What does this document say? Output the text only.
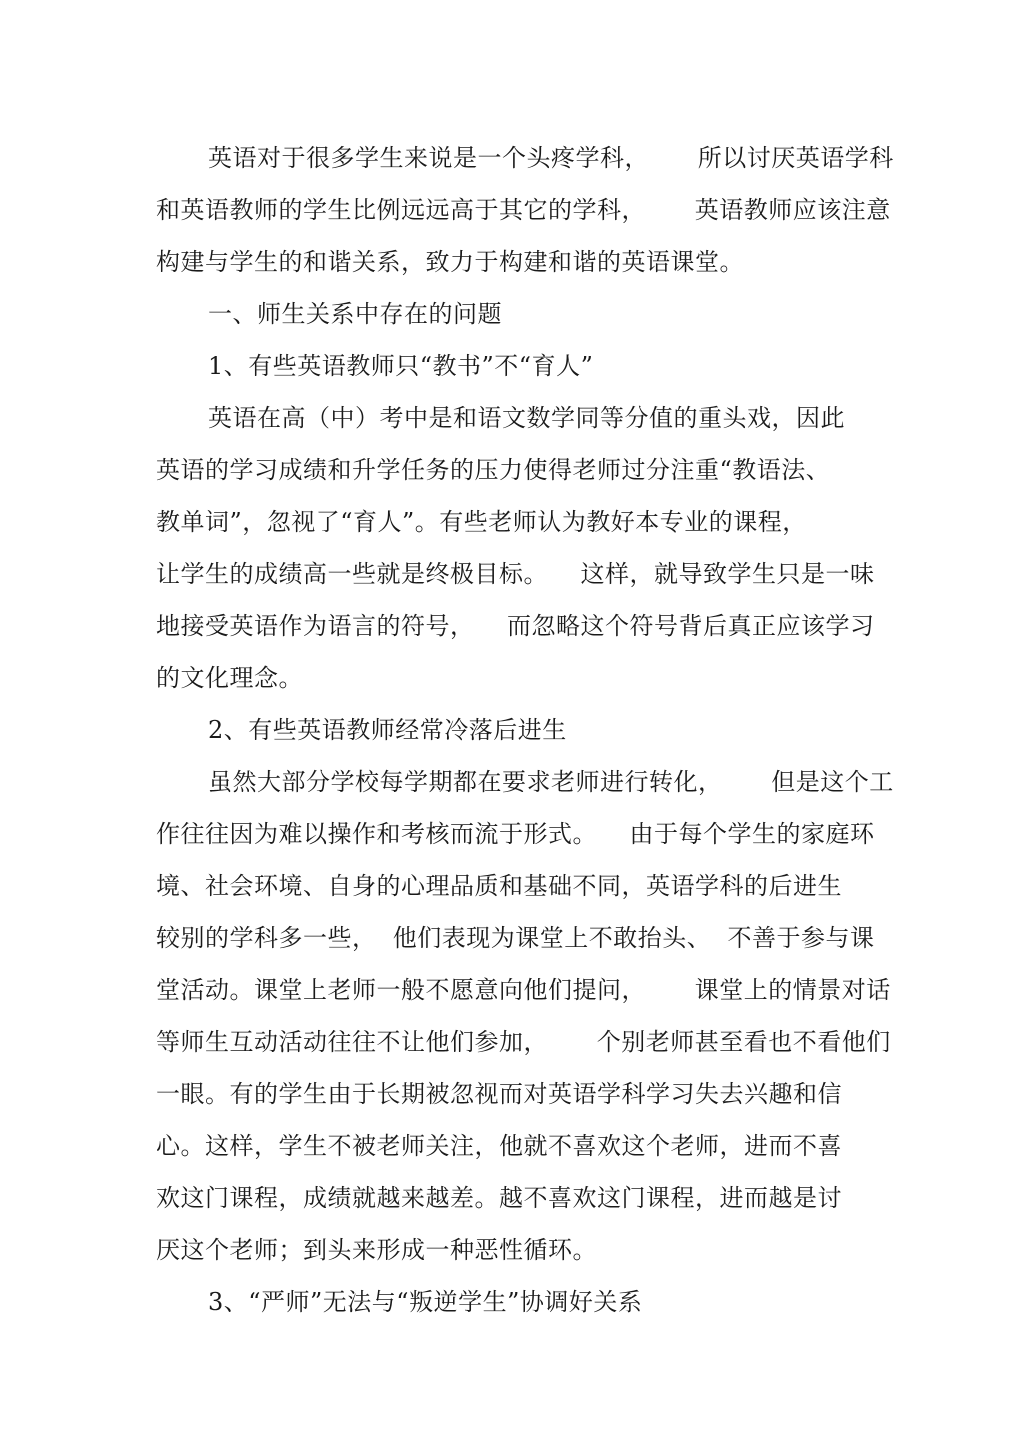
英语对于很多学生来说是一个头疼学科，      所以讨厌英语学科
和英语教师的学生比例远远高于其它的学科，      英语教师应该注意
构建与学生的和谐关系，致力于构建和谐的英语课堂。
一、师生关系中存在的问题
1、有些英语教师只“教书”不“育人”
英语在高（中）考中是和语文数学同等分值的重头戏，因此
英语的学习成绩和升学任务的压力使得老师过分注重“教语法、
教单词”，忽视了“育人”。有些老师认为教好本专业的课程，
让学生的成绩高一些就是终极目标。    这样，就导致学生只是一味
地接受英语作为语言的符号，    而忽略这个符号背后真正应该学习
的文化理念。
2、有些英语教师经常冷落后进生
虽然大部分学校每学期都在要求老师进行转化，      但是这个工
作往往因为难以操作和考核而流于形式。    由于每个学生的家庭环
境、社会环境、自身的心理品质和基础不同，英语学科的后进生
较别的学科多一些，  他们表现为课堂上不敢抬头、  不善于参与课
堂活动。课堂上老师一般不愿意向他们提问，      课堂上的情景对话
等师生互动活动往往不让他们参加，      个别老师甚至看也不看他们
一眼。有的学生由于长期被忽视而对英语学科学习失去兴趣和信
心。这样，学生不被老师关注，他就不喜欢这个老师，进而不喜
欢这门课程，成绩就越来越差。越不喜欢这门课程，进而越是讨
厌这个老师；到头来形成一种恶性循环。
3、“严师”无法与“叛逆学生”协调好关系
